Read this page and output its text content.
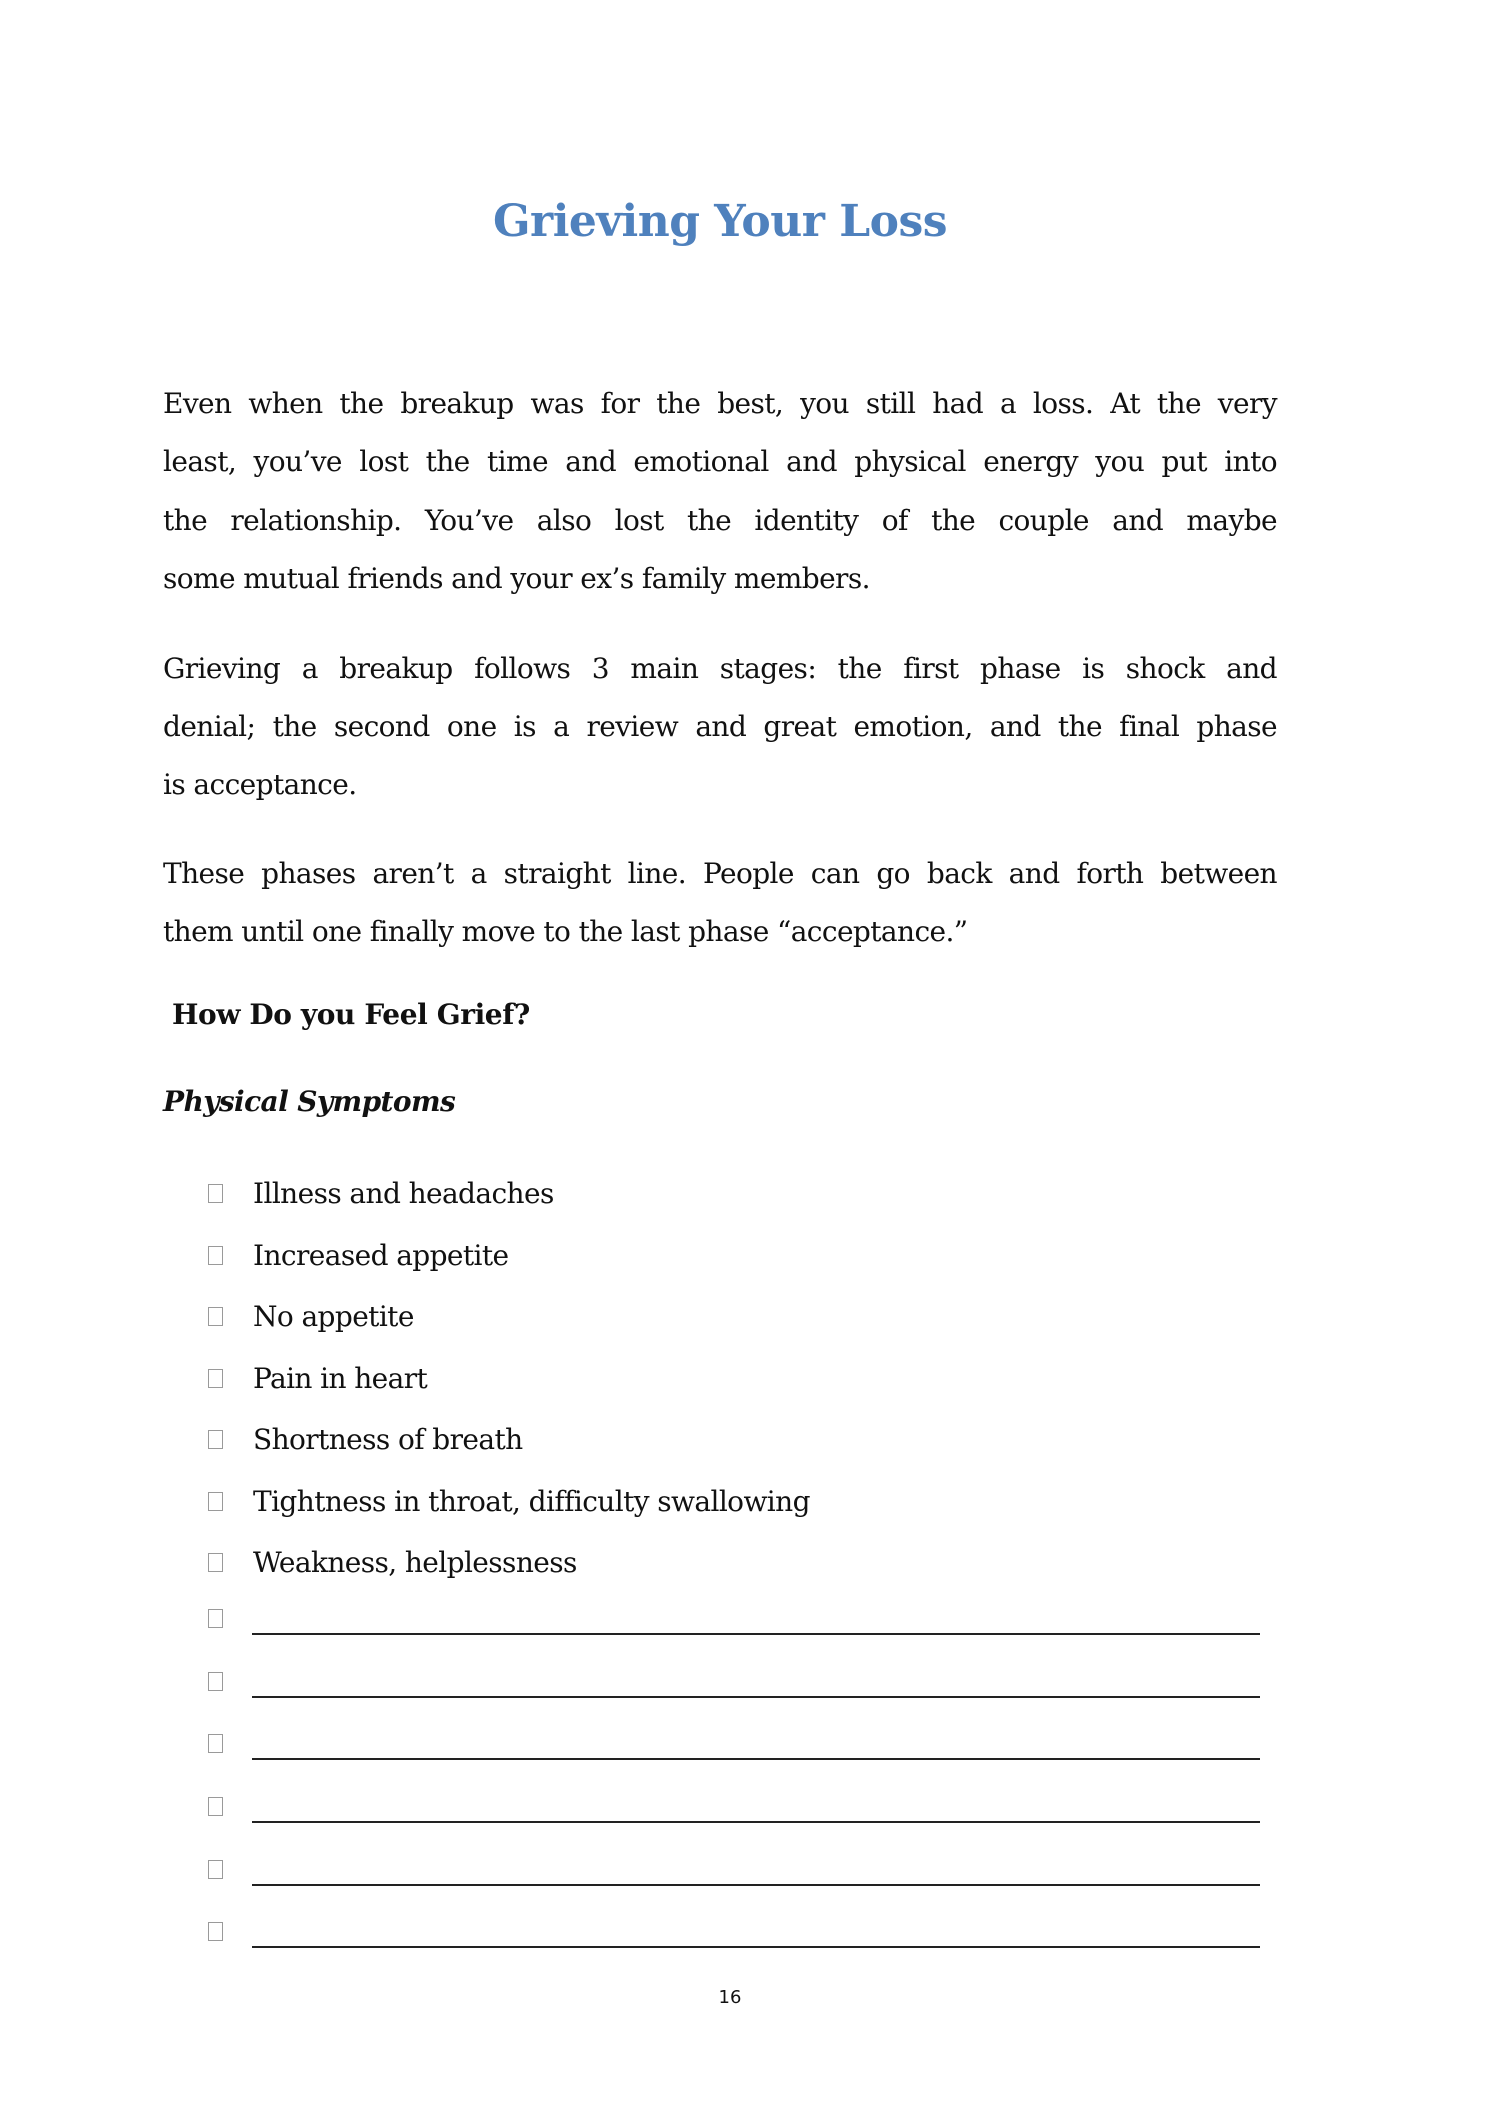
Grieving Your Loss
Even when the breakup was for the best, you still had a loss. At the very
least, you’ve lost the time and emotional and physical energy you put into
the relationship. You’ve also lost the identity of the couple and maybe
some mutual friends and your ex’s family members.
Grieving a breakup follows 3 main stages: the first phase is shock and
denial; the second one is a review and great emotion, and the final phase
is acceptance.
These phases aren’t a straight line. People can go back and forth between
them until one finally move to the last phase “acceptance.”
How Do you Feel Grief?
Physical Symptoms
Illness and headaches
Increased appetite
No appetite
Pain in heart
Shortness of breath
Tightness in throat, difficulty swallowing
Weakness, helplessness
16
